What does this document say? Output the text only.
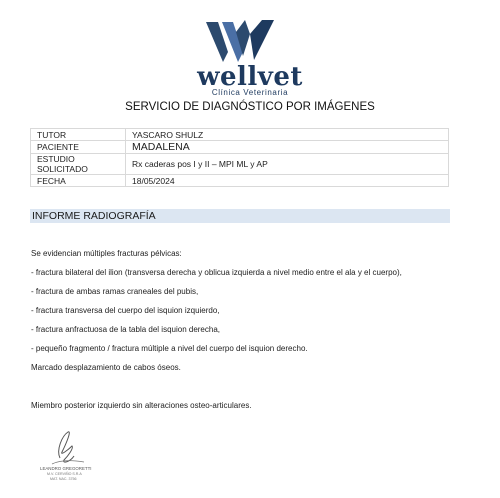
wellvet
Clínica Veterinaria
SERVICIO DE DIAGNÓSTICO POR IMÁGENES
TUTOR	YASCARO SHULZ
PACIENTE	MADALENA
ESTUDIO SOLICITADO	Rx caderas pos I y II – MPI ML y AP
FECHA	18/05/2024
INFORME RADIOGRAFÍA
Se evidencian múltiples fracturas pélvicas:
- fractura bilateral del ilion (transversa derecha y oblicua izquierda a nivel medio entre el ala y el cuerpo),
- fractura de ambas ramas craneales del pubis,
- fractura transversa del cuerpo del isquion izquierdo,
- fractura anfractuosa de la tabla del isquion derecha,
- pequeño fragmento / fractura múltiple a nivel del cuerpo del isquion derecho.
Marcado desplazamiento de cabos óseos.
Miembro posterior izquierdo sin alteraciones osteo-articulares.
LEANDRO GREGORETTI
M.V. CERVIÑO S.R.A
MAT. NAC. 3756
